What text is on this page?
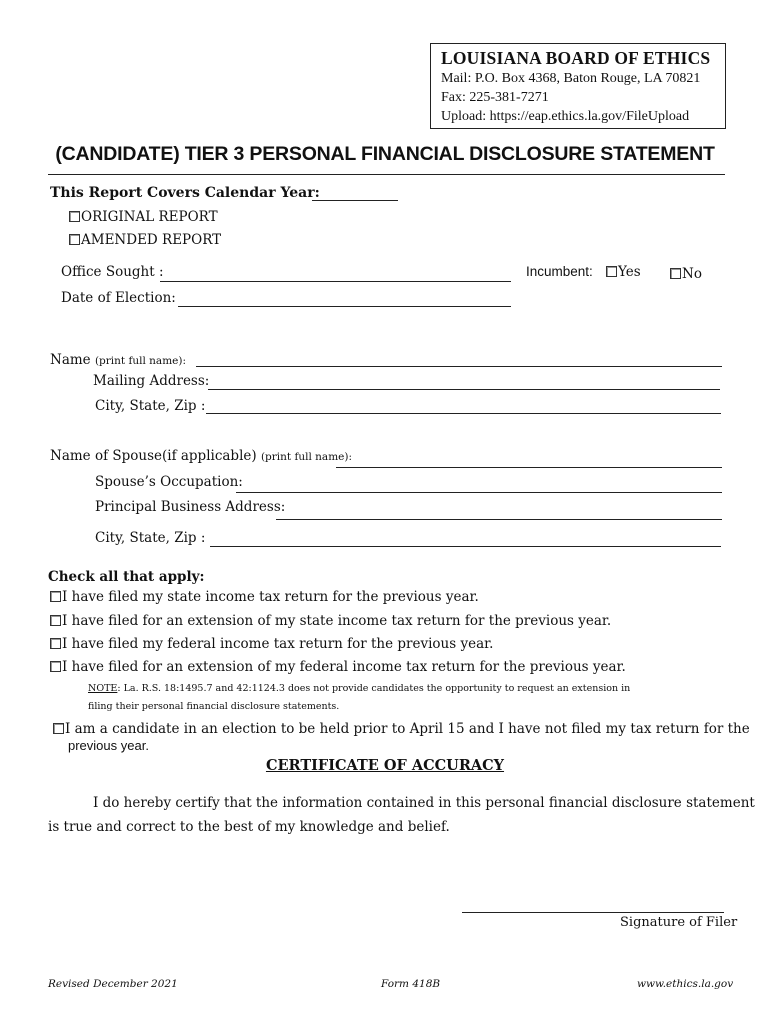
LOUISIANA BOARD OF ETHICS
Mail: P.O. Box 4368, Baton Rouge, LA 70821
Fax: 225-381-7271
Upload: https://eap.ethics.la.gov/FileUpload
(CANDIDATE) TIER 3 PERSONAL FINANCIAL DISCLOSURE STATEMENT
This Report Covers Calendar Year:
ORIGINAL REPORT
AMENDED REPORT
Office Sought :	Incumbent:	Yes	No
Date of Election:
Name (print full name):
Mailing Address:
City, State, Zip :
Name of Spouse(if applicable) (print full name):
Spouse’s Occupation:
Principal Business Address:
City, State, Zip :
Check all that apply:
I have filed my state income tax return for the previous year.
I have filed for an extension of my state income tax return for the previous year.
I have filed my federal income tax return for the previous year.
I have filed for an extension of my federal income tax return for the previous year.
NOTE: La. R.S. 18:1495.7 and 42:1124.3 does not provide candidates the opportunity to request an extension in
filing their personal financial disclosure statements.
I am a candidate in an election to be held prior to April 15 and I have not filed my tax return for the
previous year.
CERTIFICATE OF ACCURACY
I do hereby certify that the information contained in this personal financial disclosure statement
is true and correct to the best of my knowledge and belief.
Signature of Filer
Revised December 2021	Form 418B	www.ethics.la.gov
